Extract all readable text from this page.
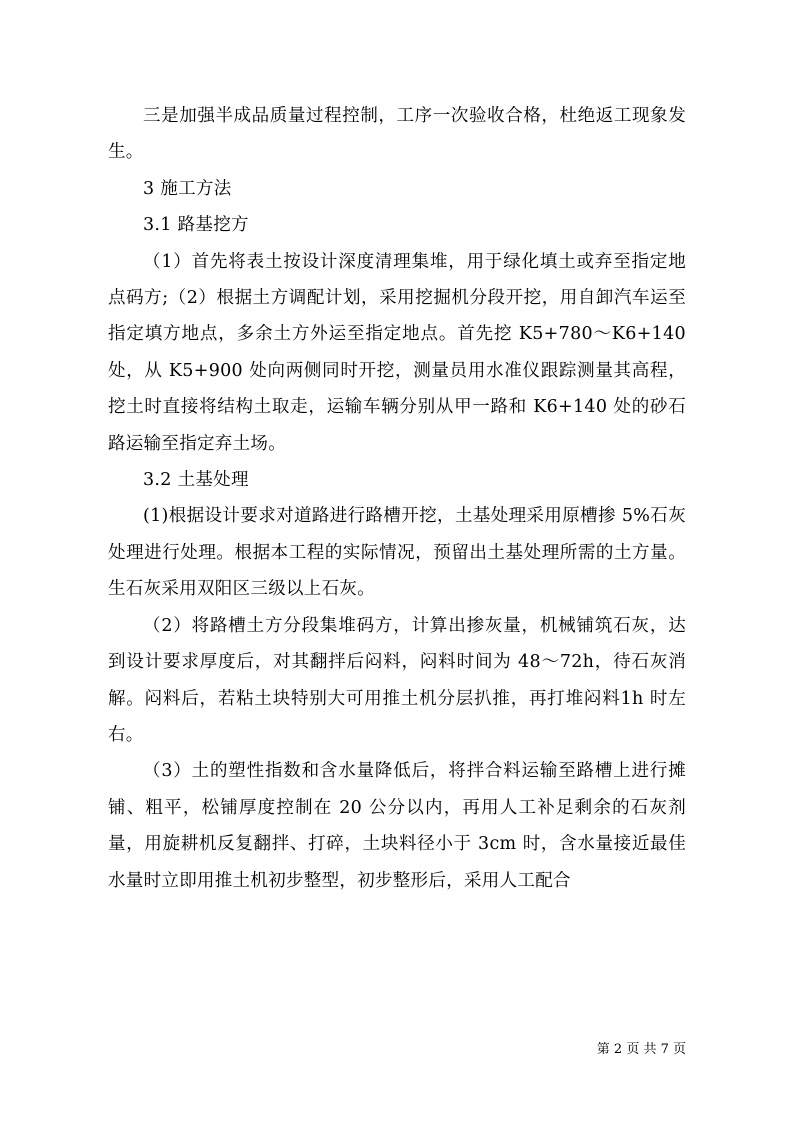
三是加强半成品质量过程控制，工序一次验收合格，杜绝返工现象发生。

3 施工方法

3.1 路基挖方

（1）首先将表土按设计深度清理集堆，用于绿化填土或弃至指定地点码方;（2）根据土方调配计划，采用挖掘机分段开挖，用自卸汽车运至指定填方地点，多余土方外运至指定地点。首先挖 K5+780～K6+140 处，从 K5+900 处向两侧同时开挖，测量员用水准仪跟踪测量其高程，挖土时直接将结构土取走，运输车辆分别从甲一路和 K6+140 处的砂石路运输至指定弃土场。

3.2 土基处理

(1)根据设计要求对道路进行路槽开挖，土基处理采用原槽掺 5%石灰处理进行处理。根据本工程的实际情况，预留出土基处理所需的土方量。生石灰采用双阳区三级以上石灰。

（2）将路槽土方分段集堆码方，计算出掺灰量，机械铺筑石灰，达到设计要求厚度后，对其翻拌后闷料，闷料时间为 48～72h，待石灰消解。闷料后，若粘土块特别大可用推土机分层扒推，再打堆闷料1h 时左右。

（3）土的塑性指数和含水量降低后，将拌合料运输至路槽上进行摊铺、粗平，松铺厚度控制在 20 公分以内，再用人工补足剩余的石灰剂量，用旋耕机反复翻拌、打碎，土块料径小于 3cm 时，含水量接近最佳水量时立即用推土机初步整型，初步整形后，采用人工配合

第 2 页 共 7 页
